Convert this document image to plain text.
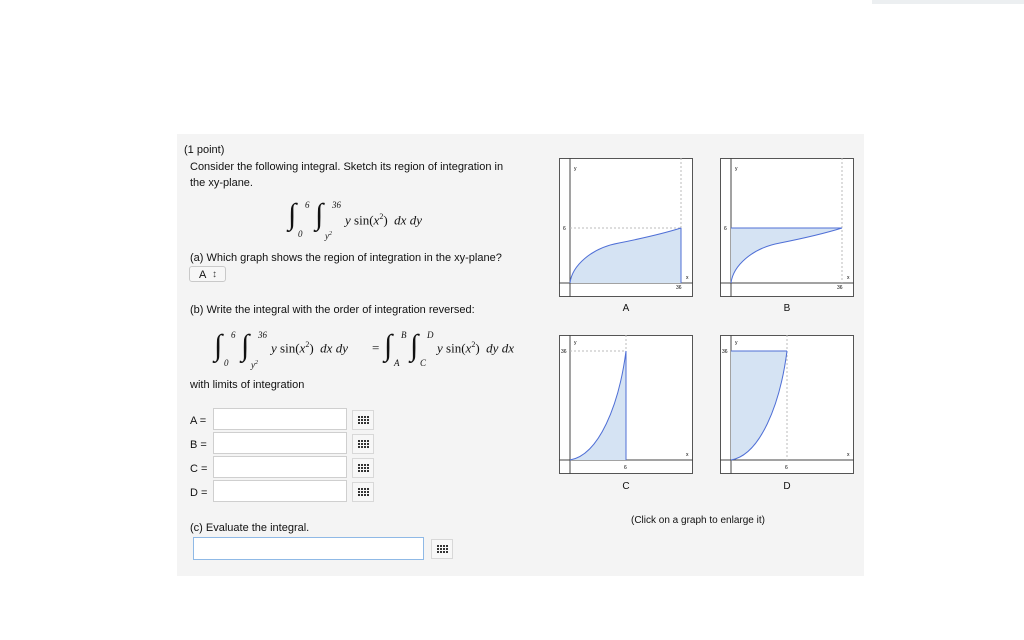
(1 point)
Consider the following integral. Sketch its region of integration in
the xy-plane.
∫ 6
0
∫ 36
$y^2$
y $\sin(x^2)$ dx dy
(a) Which graph shows the region of integration in the xy-plane?
A ↕
(b) Write the integral with the order of integration reversed:
∫ 6
0
∫ 36
$y^2$
y $\sin(x^2)$ dx dy = ∫ B
A
∫ D
C
y $\sin(x^2)$ dy dx
with limits of integration
A =
B =
C =
D =
(c) Evaluate the integral.
y
x
6
36
A
y
x
6
36
B
y
x
36
6
C
y
x
36
6
D
(Click on a graph to enlarge it)
